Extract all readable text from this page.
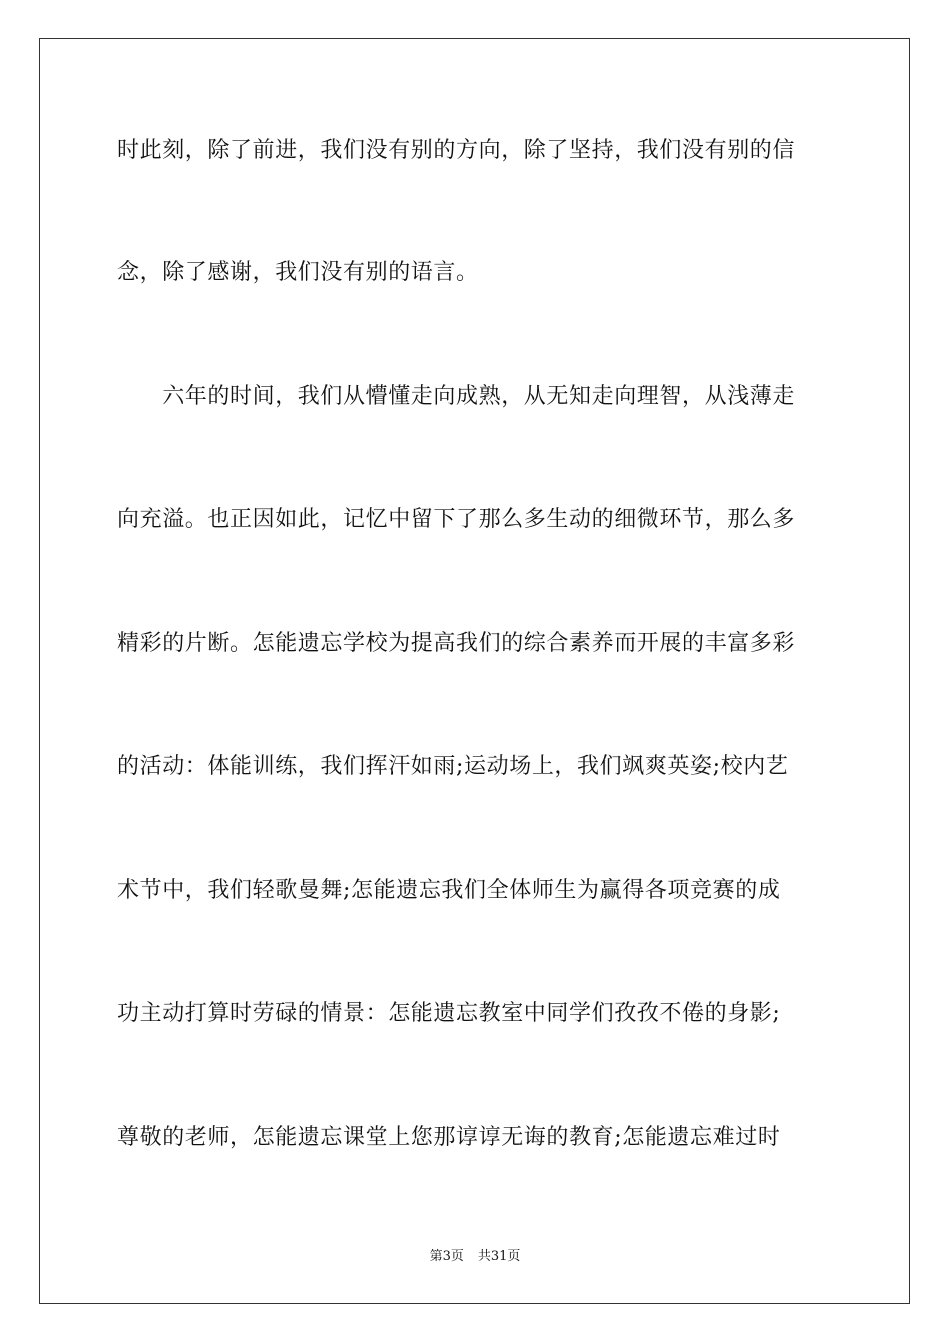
时此刻，除了前进，我们没有别的方向，除了坚持，我们没有别的信
念，除了感谢，我们没有别的语言。
　　六年的时间，我们从懵懂走向成熟，从无知走向理智，从浅薄走
向充溢。也正因如此，记忆中留下了那么多生动的细微环节，那么多
精彩的片断。怎能遗忘学校为提高我们的综合素养而开展的丰富多彩
的活动：体能训练，我们挥汗如雨;运动场上，我们飒爽英姿;校内艺
术节中，我们轻歌曼舞;怎能遗忘我们全体师生为赢得各项竞赛的成
功主动打算时劳碌的情景：怎能遗忘教室中同学们孜孜不倦的身影;
尊敬的老师，怎能遗忘课堂上您那谆谆无诲的教育;怎能遗忘难过时
第3页 共31页
